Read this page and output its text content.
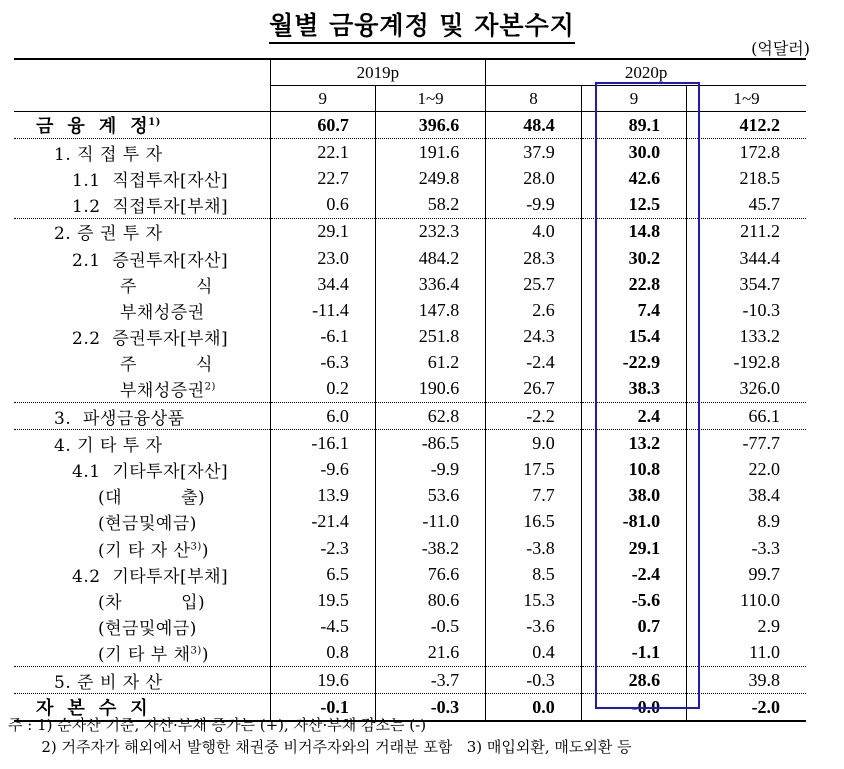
월별 금융계정 및 자본수지
(억달러)
	2019p		2020p		
	9	1~9	8	9	1~9
금  융  계  정$^{1)}$	60.7	396.6	48.4	89.1	412.2
1. 직 접 투 자	22.1	191.6	37.9	30.0	172.8
1.1  직접투자[자산]	22.7	249.8	28.0	42.6	218.5
1.2  직접투자[부채]	0.6	58.2	-9.9	12.5	45.7
2. 증 권 투 자	29.1	232.3	4.0	14.8	211.2
2.1  증권투자[자산]	23.0	484.2	28.3	30.2	344.4
주          식	34.4	336.4	25.7	22.8	354.7
부채성증권	-11.4	147.8	2.6	7.4	-10.3
2.2  증권투자[부채]	-6.1	251.8	24.3	15.4	133.2
주          식	-6.3	61.2	-2.4	-22.9	-192.8
부채성증권$^{2)}$	0.2	190.6	26.7	38.3	326.0
3.  파생금융상품	6.0	62.8	-2.2	2.4	66.1
4. 기 타 투 자	-16.1	-86.5	9.0	13.2	-77.7
4.1  기타투자[자산]	-9.6	-9.9	17.5	10.8	22.0
(대          출)	13.9	53.6	7.7	38.0	38.4
(현금및예금)	-21.4	-11.0	16.5	-81.0	8.9
(기 타 자 산$^{3)}$)	-2.3	-38.2	-3.8	29.1	-3.3
4.2  기타투자[부채]	6.5	76.6	8.5	-2.4	99.7
(차          입)	19.5	80.6	15.3	-5.6	110.0
(현금및예금)	-4.5	-0.5	-3.6	0.7	2.9
(기 타 부 채$^{3)}$)	0.8	21.6	0.4	-1.1	11.0
5. 준 비 자 산	19.6	-3.7	-0.3	28.6	39.8
자  본  수  지	-0.1	-0.3	0.0	-0.0	-2.0
주 : 1) 순자산 기준, 자산·부채 증가는 (+), 자산·부채 감소는 (-)
2) 거주자가 해외에서 발행한 채권중 비거주자와의 거래분 포함   3) 매입외환, 매도외환 등
